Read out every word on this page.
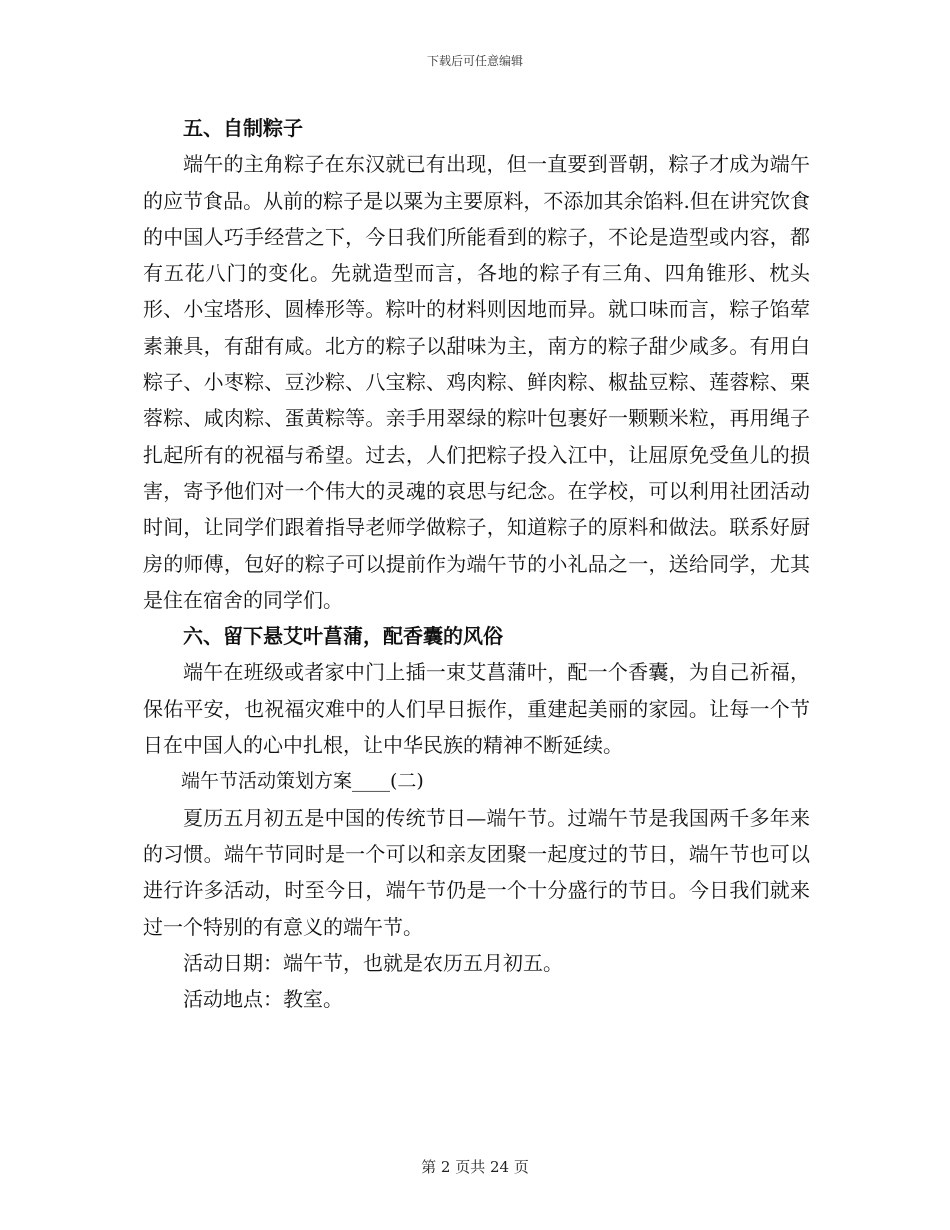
下载后可任意编辑

五、自制粽子

端午的主角粽子在东汉就已有出现，但一直要到晋朝，粽子才成为端午的应节食品。从前的粽子是以粟为主要原料，不添加其余馅料.但在讲究饮食的中国人巧手经营之下，今日我们所能看到的粽子，不论是造型或内容，都有五花八门的变化。先就造型而言，各地的粽子有三角、四角锥形、枕头形、小宝塔形、圆棒形等。粽叶的材料则因地而异。就口味而言，粽子馅荤素兼具，有甜有咸。北方的粽子以甜味为主，南方的粽子甜少咸多。有用白粽子、小枣粽、豆沙粽、八宝粽、鸡肉粽、鲜肉粽、椒盐豆粽、莲蓉粽、栗蓉粽、咸肉粽、蛋黄粽等。亲手用翠绿的粽叶包裹好一颗颗米粒，再用绳子扎起所有的祝福与希望。过去，人们把粽子投入江中，让屈原免受鱼儿的损害，寄予他们对一个伟大的灵魂的哀思与纪念。在学校，可以利用社团活动时间，让同学们跟着指导老师学做粽子，知道粽子的原料和做法。联系好厨房的师傅，包好的粽子可以提前作为端午节的小礼品之一，送给同学，尤其是住在宿舍的同学们。

六、留下悬艾叶菖蒲，配香囊的风俗

端午在班级或者家中门上插一束艾菖蒲叶，配一个香囊，为自己祈福，保佑平安，也祝福灾难中的人们早日振作，重建起美丽的家园。让每一个节日在中国人的心中扎根，让中华民族的精神不断延续。

端午节活动策划方案____(二)

夏历五月初五是中国的传统节日—端午节。过端午节是我国两千多年来的习惯。端午节同时是一个可以和亲友团聚一起度过的节日，端午节也可以进行许多活动，时至今日，端午节仍是一个十分盛行的节日。今日我们就来过一个特别的有意义的端午节。

活动日期：端午节，也就是农历五月初五。

活动地点：教室。

第 2 页共 24 页
